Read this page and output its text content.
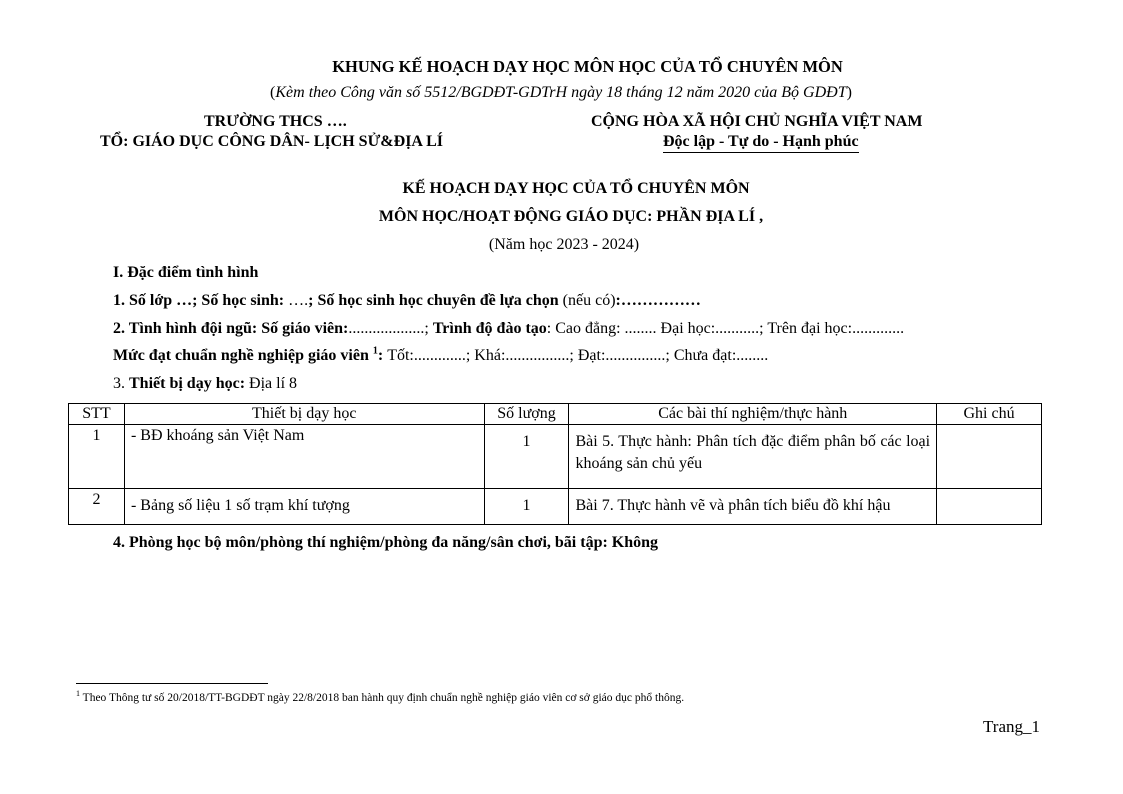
KHUNG KẾ HOẠCH DẠY HỌC MÔN HỌC CỦA TỔ CHUYÊN MÔN
(Kèm theo Công văn số 5512/BGDĐT-GDTrH ngày 18 tháng 12 năm 2020 của Bộ GDĐT)
TRƯỜNG THCS ….
TỔ: GIÁO DỤC CÔNG DÂN- LỊCH SỬ&ĐỊA LÍ
CỘNG HÒA XÃ HỘI CHỦ NGHĨA VIỆT NAM
Độc lập - Tự do - Hạnh phúc
KẾ HOẠCH DẠY HỌC CỦA TỔ CHUYÊN MÔN
MÔN HỌC/HOẠT ĐỘNG GIÁO DỤC: PHẦN ĐỊA LÍ ,
(Năm học 2023 - 2024)
I. Đặc điểm tình hình
1. Số lớp …; Số học sinh: ….; Số học sinh học chuyên đề lựa chọn (nếu có):……………
2. Tình hình đội ngũ: Số giáo viên:...................; Trình độ đào tạo: Cao đẳng: ........ Đại học:...........; Trên đại học:.............
Mức đạt chuẩn nghề nghiệp giáo viên $^1$: Tốt:.............; Khá:................; Đạt:...............; Chưa đạt:........
3. Thiết bị dạy học: Địa lí 8
STT	Thiết bị dạy học	Số lượng	Các bài thí nghiệm/thực hành	Ghi chú
1	- BĐ khoáng sản Việt Nam	1	Bài 5. Thực hành: Phân tích đặc điểm phân bố các loại khoáng sản chủ yếu	
2	- Bảng số liệu 1 số trạm khí tượng	1	Bài 7. Thực hành vẽ và phân tích biểu đồ khí hậu	
4. Phòng học bộ môn/phòng thí nghiệm/phòng đa năng/sân chơi, bãi tập: Không
$^1$ Theo Thông tư số 20/2018/TT-BGDĐT ngày 22/8/2018 ban hành quy định chuẩn nghề nghiệp giáo viên cơ sở giáo dục phổ thông.
Trang_1
